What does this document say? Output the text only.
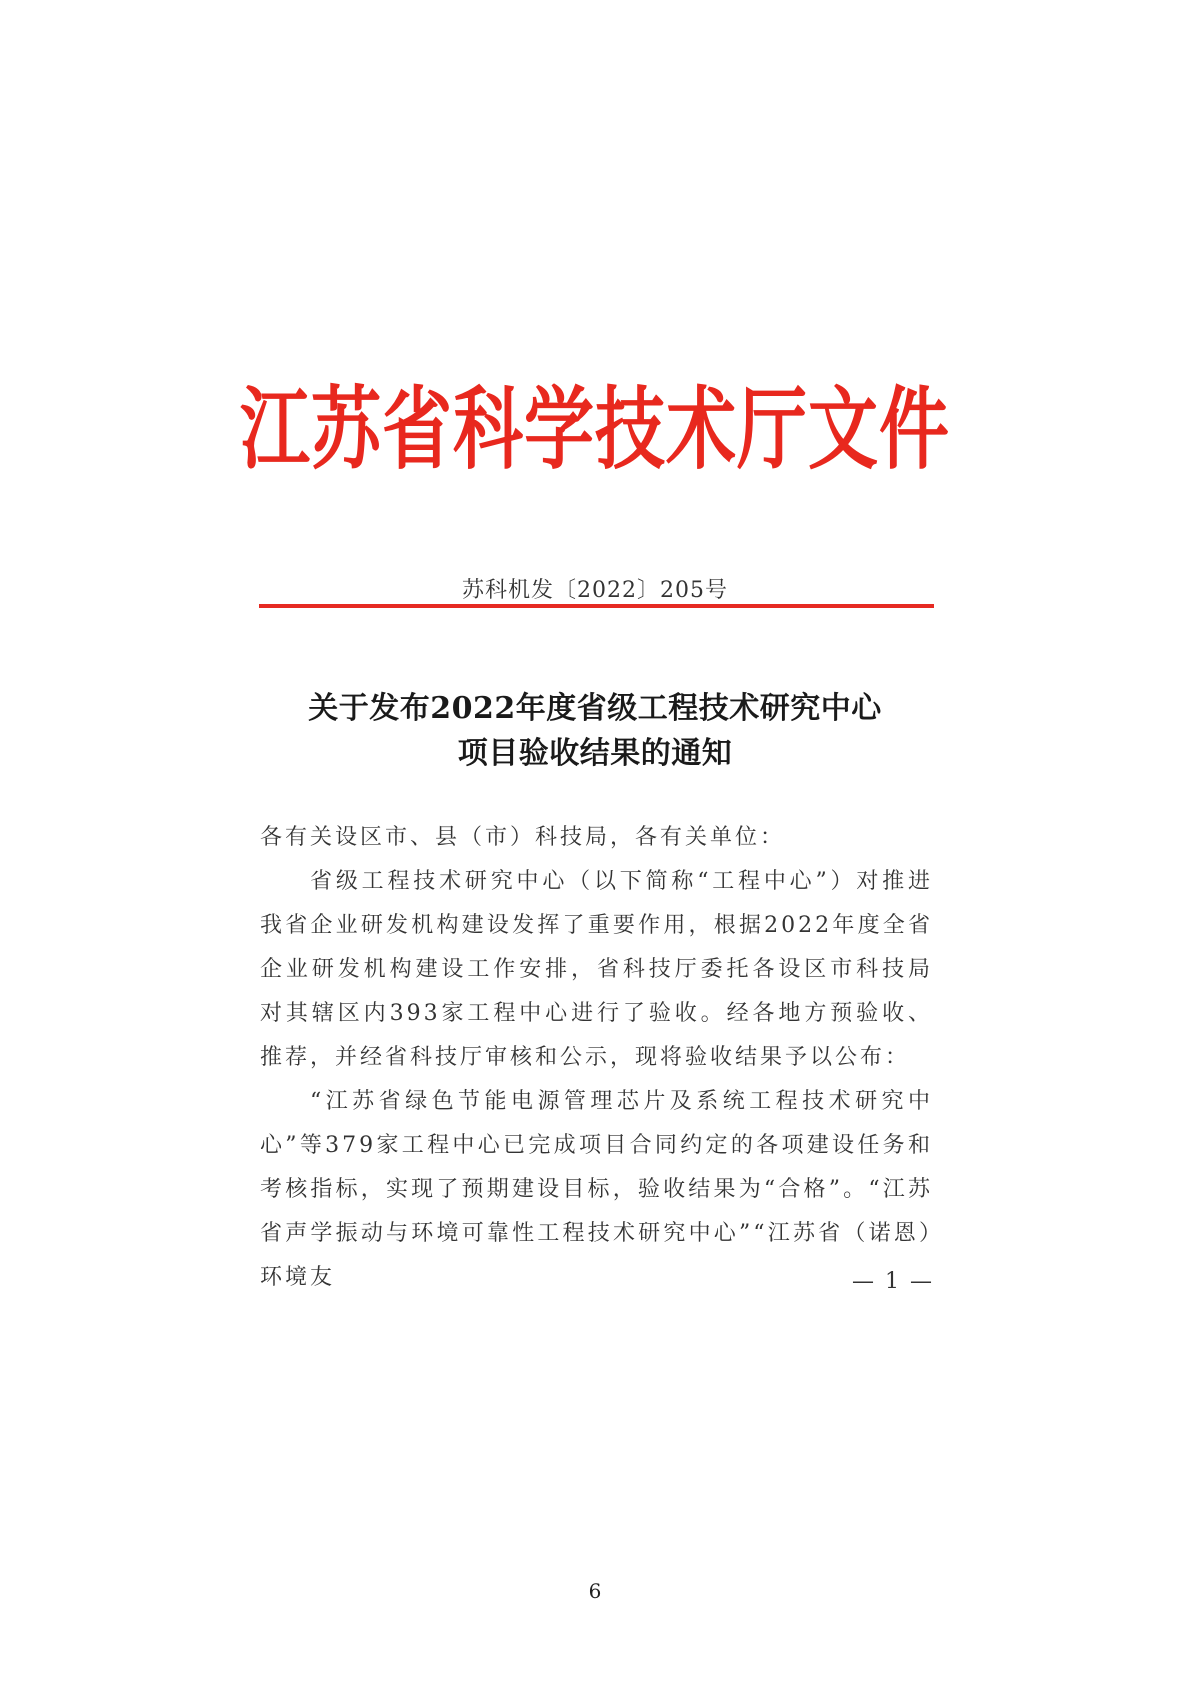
江苏省科学技术厅文件
苏科机发〔2022〕205号
关于发布2022年度省级工程技术研究中心
项目验收结果的通知
各有关设区市、县（市）科技局，各有关单位：
省级工程技术研究中心（以下简称“工程中心”）对推进我省企业研发机构建设发挥了重要作用，根据2022年度全省企业研发机构建设工作安排，省科技厅委托各设区市科技局对其辖区内393家工程中心进行了验收。经各地方预验收、推荐，并经省科技厅审核和公示，现将验收结果予以公布：
“江苏省绿色节能电源管理芯片及系统工程技术研究中心”等379家工程中心已完成项目合同约定的各项建设任务和考核指标，实现了预期建设目标，验收结果为“合格”。“江苏省声学振动与环境可靠性工程技术研究中心”“江苏省（诺恩）环境友	— 1 —
6
